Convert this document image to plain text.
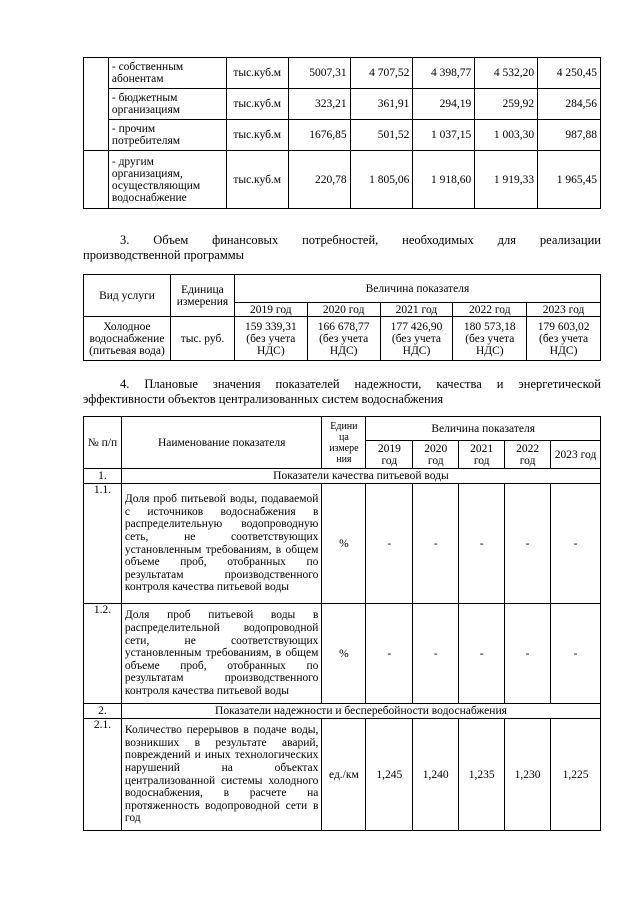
	- собственным абонентам	тыс.куб.м	5007,31	4 707,52	4 398,77	4 532,20	4 250,45
	- бюджетным организациям	тыс.куб.м	323,21	361,91	294,19	259,92	284,56
	- прочим потребителям	тыс.куб.м	1676,85	501,52	1 037,15	1 003,30	987,88
	- другим организациям, осуществляющим водоснабжение	тыс.куб.м	220,78	1 805,06	1 918,60	1 919,33	1 965,45

3. Объем финансовых потребностей, необходимых для реализации

производственной программы

Вид услуги	Единица измерения	Величина показателя				
		2019 год	2020 год	2021 год	2022 год	2023 год
Холодное водоснабжение (питьевая вода)	тыс. руб.	159 339,31 (без учета НДС)	166 678,77 (без учета НДС)	177 426,90 (без учета НДС)	180 573,18 (без учета НДС)	179 603,02 (без учета НДС)

4. Плановые значения показателей надежности, качества и энергетической

эффективности объектов централизованных систем водоснабжения

№ п/п	Наименование показателя	Едини ца измере ния	Величина показателя				
			2019 год	2020 год	2021 год	2022 год	2023 год
1.	Показатели качества питьевой воды						
1.1.	Доля проб питьевой воды, подаваемой с источников водоснабжения в распределительную водопроводную сеть, не соответствующих установленным требованиям, в общем объеме проб, отобранных по результатам производственного контроля качества питьевой воды	%	-	-	-	-	-
1.2.	Доля проб питьевой воды в распределительной водопроводной сети, не соответствующих установленным требованиям, в общем объеме проб, отобранных по результатам производственного контроля качества питьевой воды	%	-	-	-	-	-
2.	Показатели надежности и бесперебойности водоснабжения						
2.1.	Количество перерывов в подаче воды, возникших в результате аварий, повреждений и иных технологических нарушений на объектах централизованной системы холодного водоснабжения, в расчете на протяженность водопроводной сети в год	ед./км	1,245	1,240	1,235	1,230	1,225
